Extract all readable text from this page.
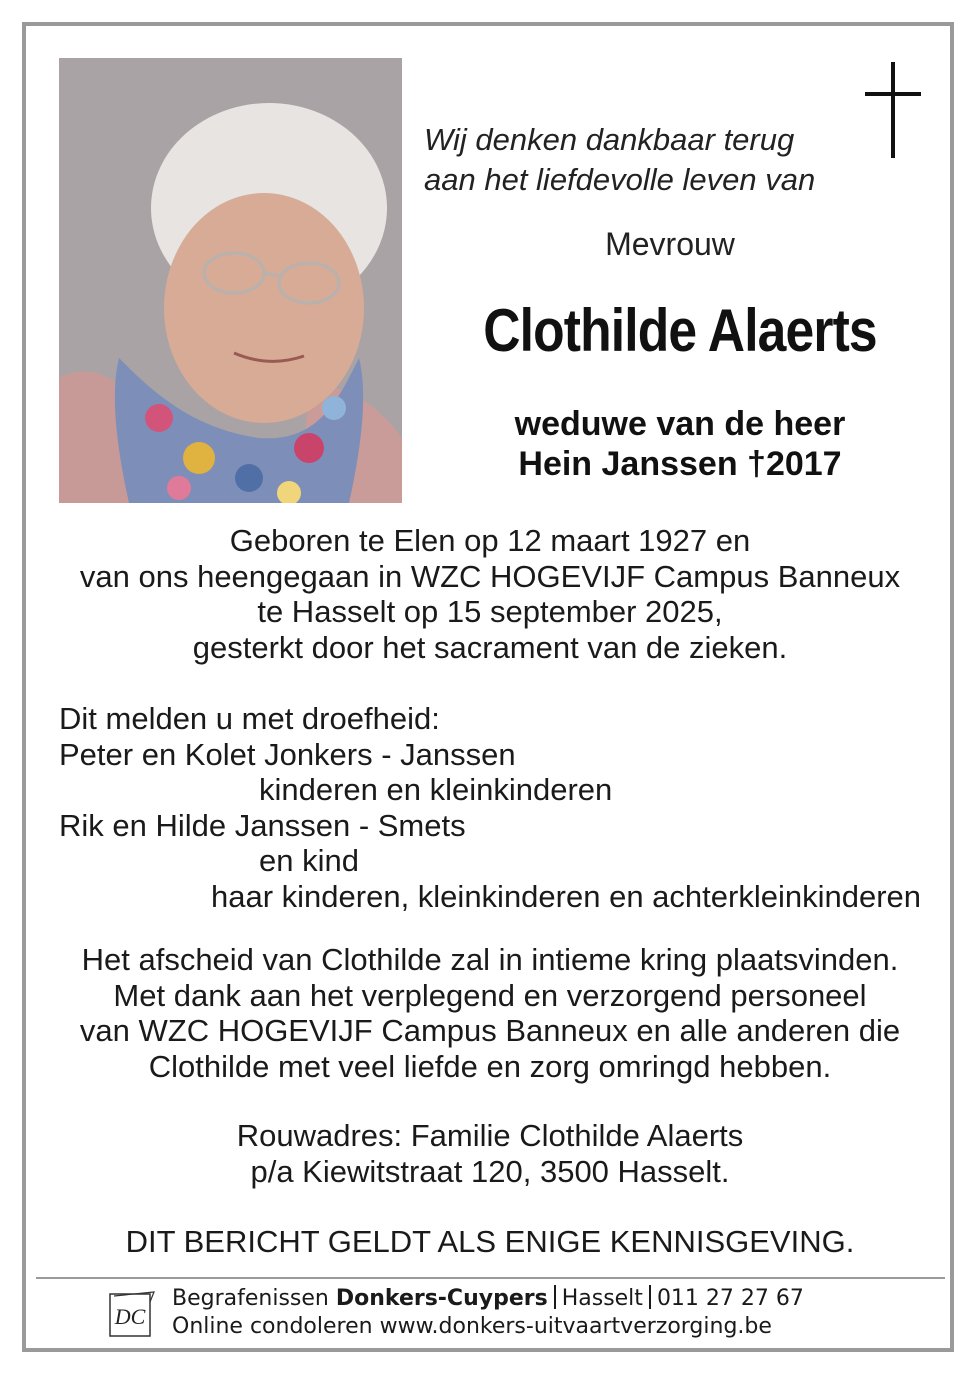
Wij denken dankbaar terug
aan het liefdevolle leven van
Mevrouw
Clothilde Alaerts
weduwe van de heer
Hein Janssen †2017
Geboren te Elen op 12 maart 1927 en
van ons heengegaan in WZC HOGEVIJF Campus Banneux
te Hasselt op 15 september 2025,
gesterkt door het sacrament van de zieken.
Dit melden u met droefheid:
Peter en Kolet Jonkers - Janssen
kinderen en kleinkinderen
Rik en Hilde Janssen - Smets
en kind
haar kinderen, kleinkinderen en achterkleinkinderen
Het afscheid van Clothilde zal in intieme kring plaatsvinden.
Met dank aan het verplegend en verzorgend personeel
van WZC HOGEVIJF Campus Banneux en alle anderen die
Clothilde met veel liefde en zorg omringd hebben.
Rouwadres: Familie Clothilde Alaerts
p/a Kiewitstraat 120, 3500 Hasselt.
DIT BERICHT GELDT ALS ENIGE KENNISGEVING.
DC
Begrafenissen Donkers-Cuypers Hasselt 011 27 27 67
Online condoleren www.donkers-uitvaartverzorging.be
